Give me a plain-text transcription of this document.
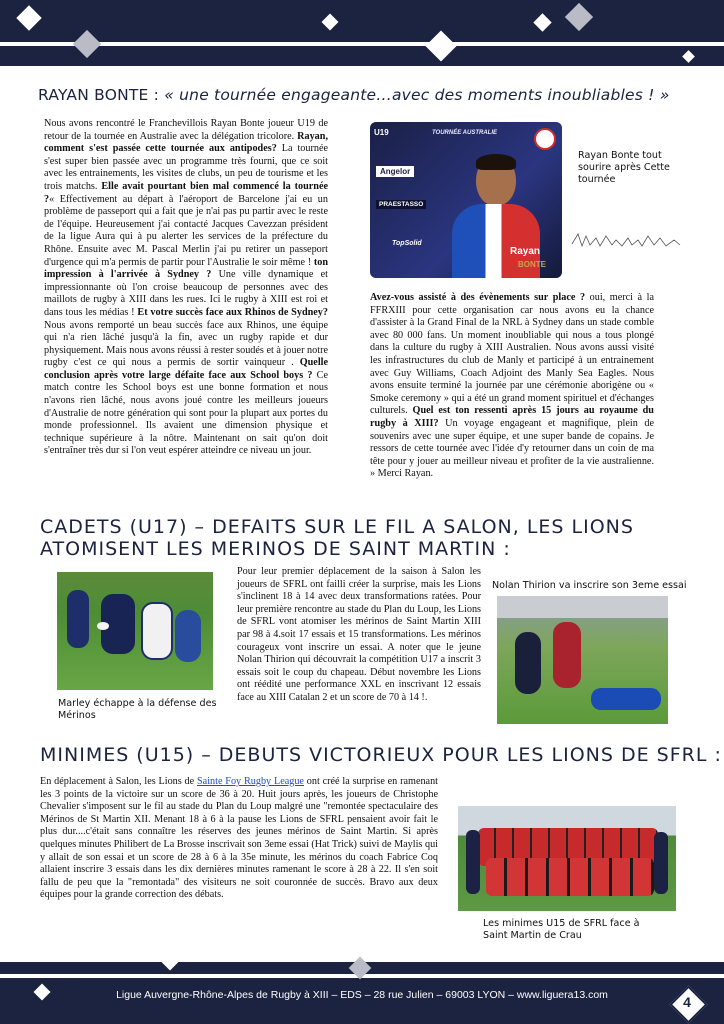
RAYAN BONTE : « une tournée engageante…avec des moments inoubliables ! »

Nous avons rencontré le Franchevillois Rayan Bonte joueur U19 de retour de la tournée en Australie avec la délégation tricolore. Rayan, comment s'est passée cette tournée aux antipodes? La tournée s'est super bien passée avec un programme très fourni, que ce soit avec les entrainements, les visites de clubs, un peu de tourisme et les trois matchs. Elle avait pourtant bien mal commencé la tournée ?« Effectivement au départ à l'aéroport de Barcelone j'ai eu un problème de passeport qui a fait que je n'ai pas pu partir avec le reste de l'équipe. Heureusement j'ai contacté Jacques Cavezzan président de la ligue Aura qui à pu alerter les services de la préfecture du Rhône. Ensuite avec M. Pascal Merlin j'ai pu retirer un passeport d'urgence qui m'a permis de partir pour l'Australie le soir même ! ton impression à l'arrivée à Sydney ? Une ville dynamique et impressionnante où l'on croise beaucoup de personnes avec des maillots de rugby à XIII dans les rues. Ici le rugby à XIII est roi et dans tous les médias ! Et votre succès face aux Rhinos de Sydney? Nous avons remporté un beau succès face aux Rhinos, une équipe qui n'a rien lâché jusqu'à la fin, avec un rugby rapide et dur physiquement. Mais nous avons réussi à rester soudés et à jouer notre rugby c'est ce qui nous a permis de sortir vainqueur . Quelle conclusion après votre large défaite face aux School boys ? Ce match contre les School boys est une bonne formation et nous n'avons rien lâché, nous avons joué contre les meilleurs joueurs d'Australie de notre génération qui sont pour la plupart aux portes du monde professionnel. Ils avaient une dimension physique et technique supérieure à la nôtre. Maintenant on sait qu'on doit s'entraîner très dur si l'on veut espérer atteindre ce niveau un jour.

U19	TOURNÉE AUSTRALIE
Angelor
PRAESTASSO
TopSolid
Rayan
BONTE
Rayan Bonte tout sourire après Cette tournée

Avez-vous assisté à des évènements sur place ? oui, merci à la FFRXIII pour cette organisation car nous avons eu la chance d'assister à la Grand Final de la NRL à Sydney dans un stade comble avec 80 000 fans. Un moment inoubliable qui nous a tous plongé dans la culture du rugby à XIII Australien. Nous avons aussi visité les infrastructures du club de Manly et participé à un entrainement avec Guy Williams, Coach Adjoint des Manly Sea Eagles. Nous avons ensuite terminé la journée par une cérémonie aborigène ou « Smoke ceremony » qui a été un grand moment spirituel et d'échanges culturels. Quel est ton ressenti après 15 jours au royaume du rugby à XIII? Un voyage engageant et magnifique, plein de souvenirs avec une super équipe, et une super bande de copains. Je ressors de cette tournée avec l'idée d'y retourner dans un coin de ma tête pour y jouer au meilleur niveau et profiter de la vie australienne. » Merci Rayan.

CADETS (U17) – DEFAITS SUR LE FIL A SALON, LES LIONS
ATOMISENT LES MERINOS DE SAINT MARTIN :
Marley échappe à la défense des Mérinos

Pour leur premier déplacement de la saison à Salon les joueurs de SFRL ont failli créer la surprise, mais les Lions s'inclinent 18 à 14 avec deux transformations ratées. Pour leur première rencontre au stade du Plan du Loup, les Lions de SFRL vont atomiser les mérinos de Saint Martin XIII par 98 à 4.soit 17 essais et 15 transformations. Les mérinos courageux vont inscrire un essai. A noter que le jeune Nolan Thirion qui découvrait la compétition U17 a inscrit 3 essais soit le coup du chapeau. Début novembre les Lions ont réédité une performance XXL en inscrivant 12 essais face au XIII Catalan 2 et un score de 70 à 14 !.

Nolan Thirion va inscrire son 3eme essai
MINIMES (U15) – DEBUTS VICTORIEUX POUR LES LIONS DE SFRL :

En déplacement à Salon, les Lions de Sainte Foy Rugby League ont créé la surprise en ramenant les 3 points de la victoire sur un score de 36 à 20. Huit jours après, les joueurs de Christophe Chevalier s'imposent sur le fil au stade du Plan du Loup malgré une "remontée spectaculaire des Mérinos de St Martin XII. Menant 18 à 6 à la pause les Lions de SFRL pensaient avoir fait le plus dur....c'était sans connaître les réserves des jeunes mérinos de Saint Martin. Si après quelques minutes Philibert de La Brosse inscrivait son 3eme essai (Hat Trick) suivi de Maylis qui y allait de son essai et un score de 28 à 6 à la 35e minute, les mérinos du coach Fabrice Coq allaient inscrire 3 essais dans les dix dernières minutes ramenant le score à 28 à 22. Il s'en soit fallu de peu que la "remontada" des visiteurs ne soit couronnée de succès. Bravo aux deux équipes pour la grande correction des débats.

Les minimes U15 de SFRL face à Saint Martin de Crau
Ligue Auvergne-Rhône-Alpes de Rugby à XIII – EDS – 28 rue Julien – 69003 LYON – www.liguera13.com	4
